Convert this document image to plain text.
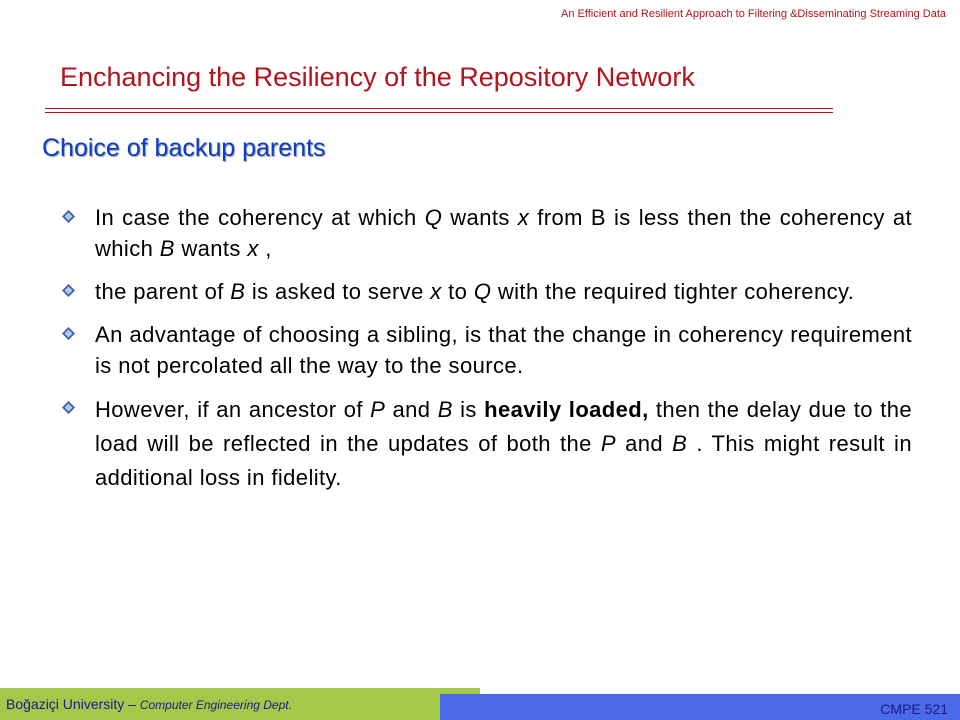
An Efficient and Resilient Approach to Filtering &Disseminating Streaming Data
Enchancing the Resiliency of the Repository Network
Choice of backup parents
In case the coherency at which Q wants x from B is less then the coherency at which B wants x ,
the parent of B is asked to serve x to Q with the required tighter coherency.
An advantage of choosing a sibling, is that the change in coherency requirement is not percolated all the way to the source.
However, if an ancestor of P and B is heavily loaded, then the delay due to the load will be reflected in the updates of both the P and B . This might result in additional loss in fidelity.
Boğaziçi University – Computer Engineering Dept.	CMPE 521
